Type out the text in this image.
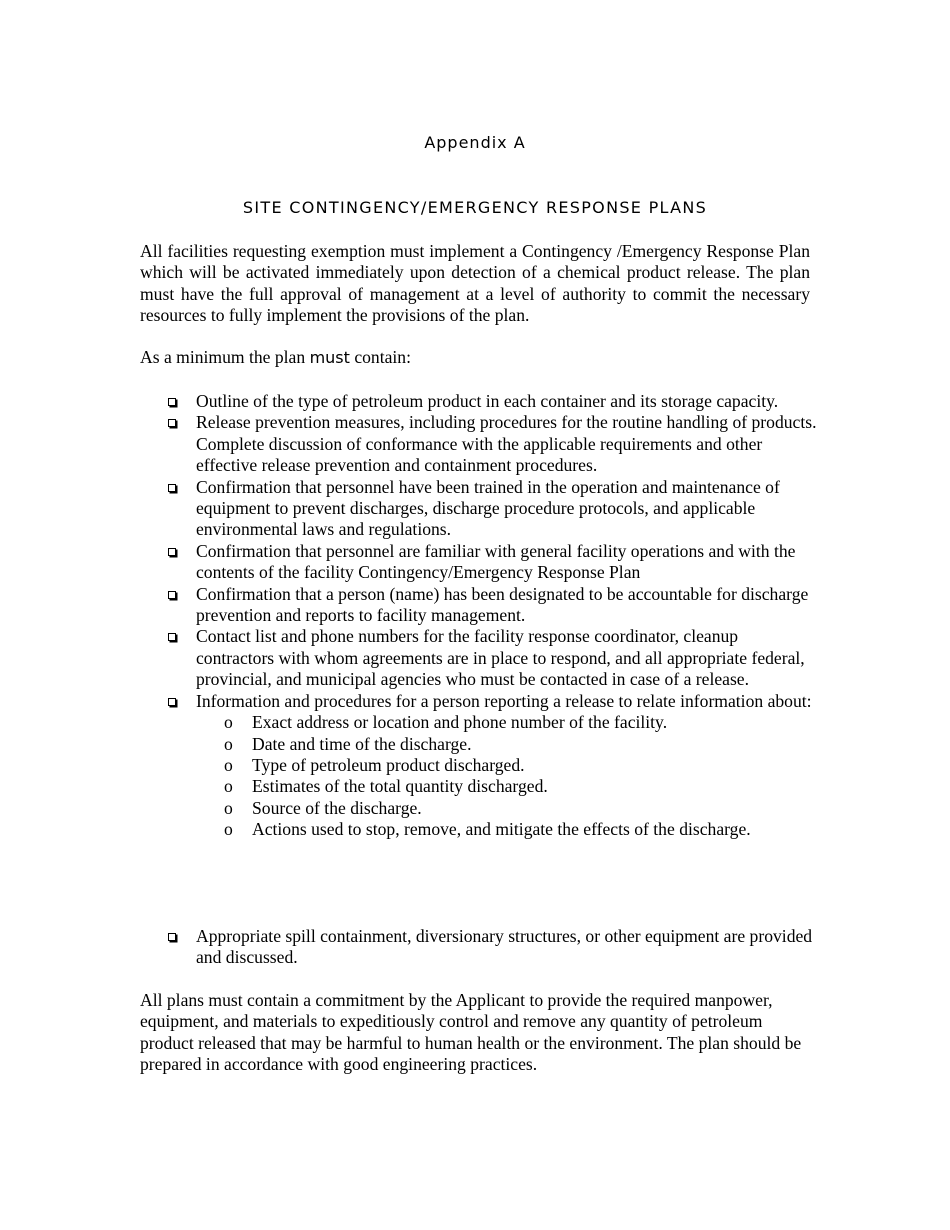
Appendix A
SITE CONTINGENCY/EMERGENCY RESPONSE PLANS

All facilities requesting exemption must implement a Contingency /Emergency Response Plan which will be activated immediately upon detection of a chemical product release. The plan must have the full approval of management at a level of authority to commit the necessary resources to fully implement the provisions of the plan.

As a minimum the plan must contain:

Outline of the type of petroleum product in each container and its storage capacity.
Release prevention measures, including procedures for the routine handling of products. Complete discussion of conformance with the applicable requirements and other effective release prevention and containment procedures.
Confirmation that personnel have been trained in the operation and maintenance of equipment to prevent discharges, discharge procedure protocols, and applicable environmental laws and regulations.
Confirmation that personnel are familiar with general facility operations and with the contents of the facility Contingency/Emergency Response Plan
Confirmation that a person (name) has been designated to be accountable for discharge prevention and reports to facility management.
Contact list and phone numbers for the facility response coordinator, cleanup contractors with whom agreements are in place to respond, and all appropriate federal, provincial, and municipal agencies who must be contacted in case of a release.
Information and procedures for a person reporting a release to relate information about:
o Exact address or location and phone number of the facility.
o Date and time of the discharge.
o Type of petroleum product discharged.
o Estimates of the total quantity discharged.
o Source of the discharge.
o Actions used to stop, remove, and mitigate the effects of the discharge.
Appropriate spill containment, diversionary structures, or other equipment are provided and discussed.

All plans must contain a commitment by the Applicant to provide the required manpower, equipment, and materials to expeditiously control and remove any quantity of petroleum product released that may be harmful to human health or the environment. The plan should be prepared in accordance with good engineering practices.
